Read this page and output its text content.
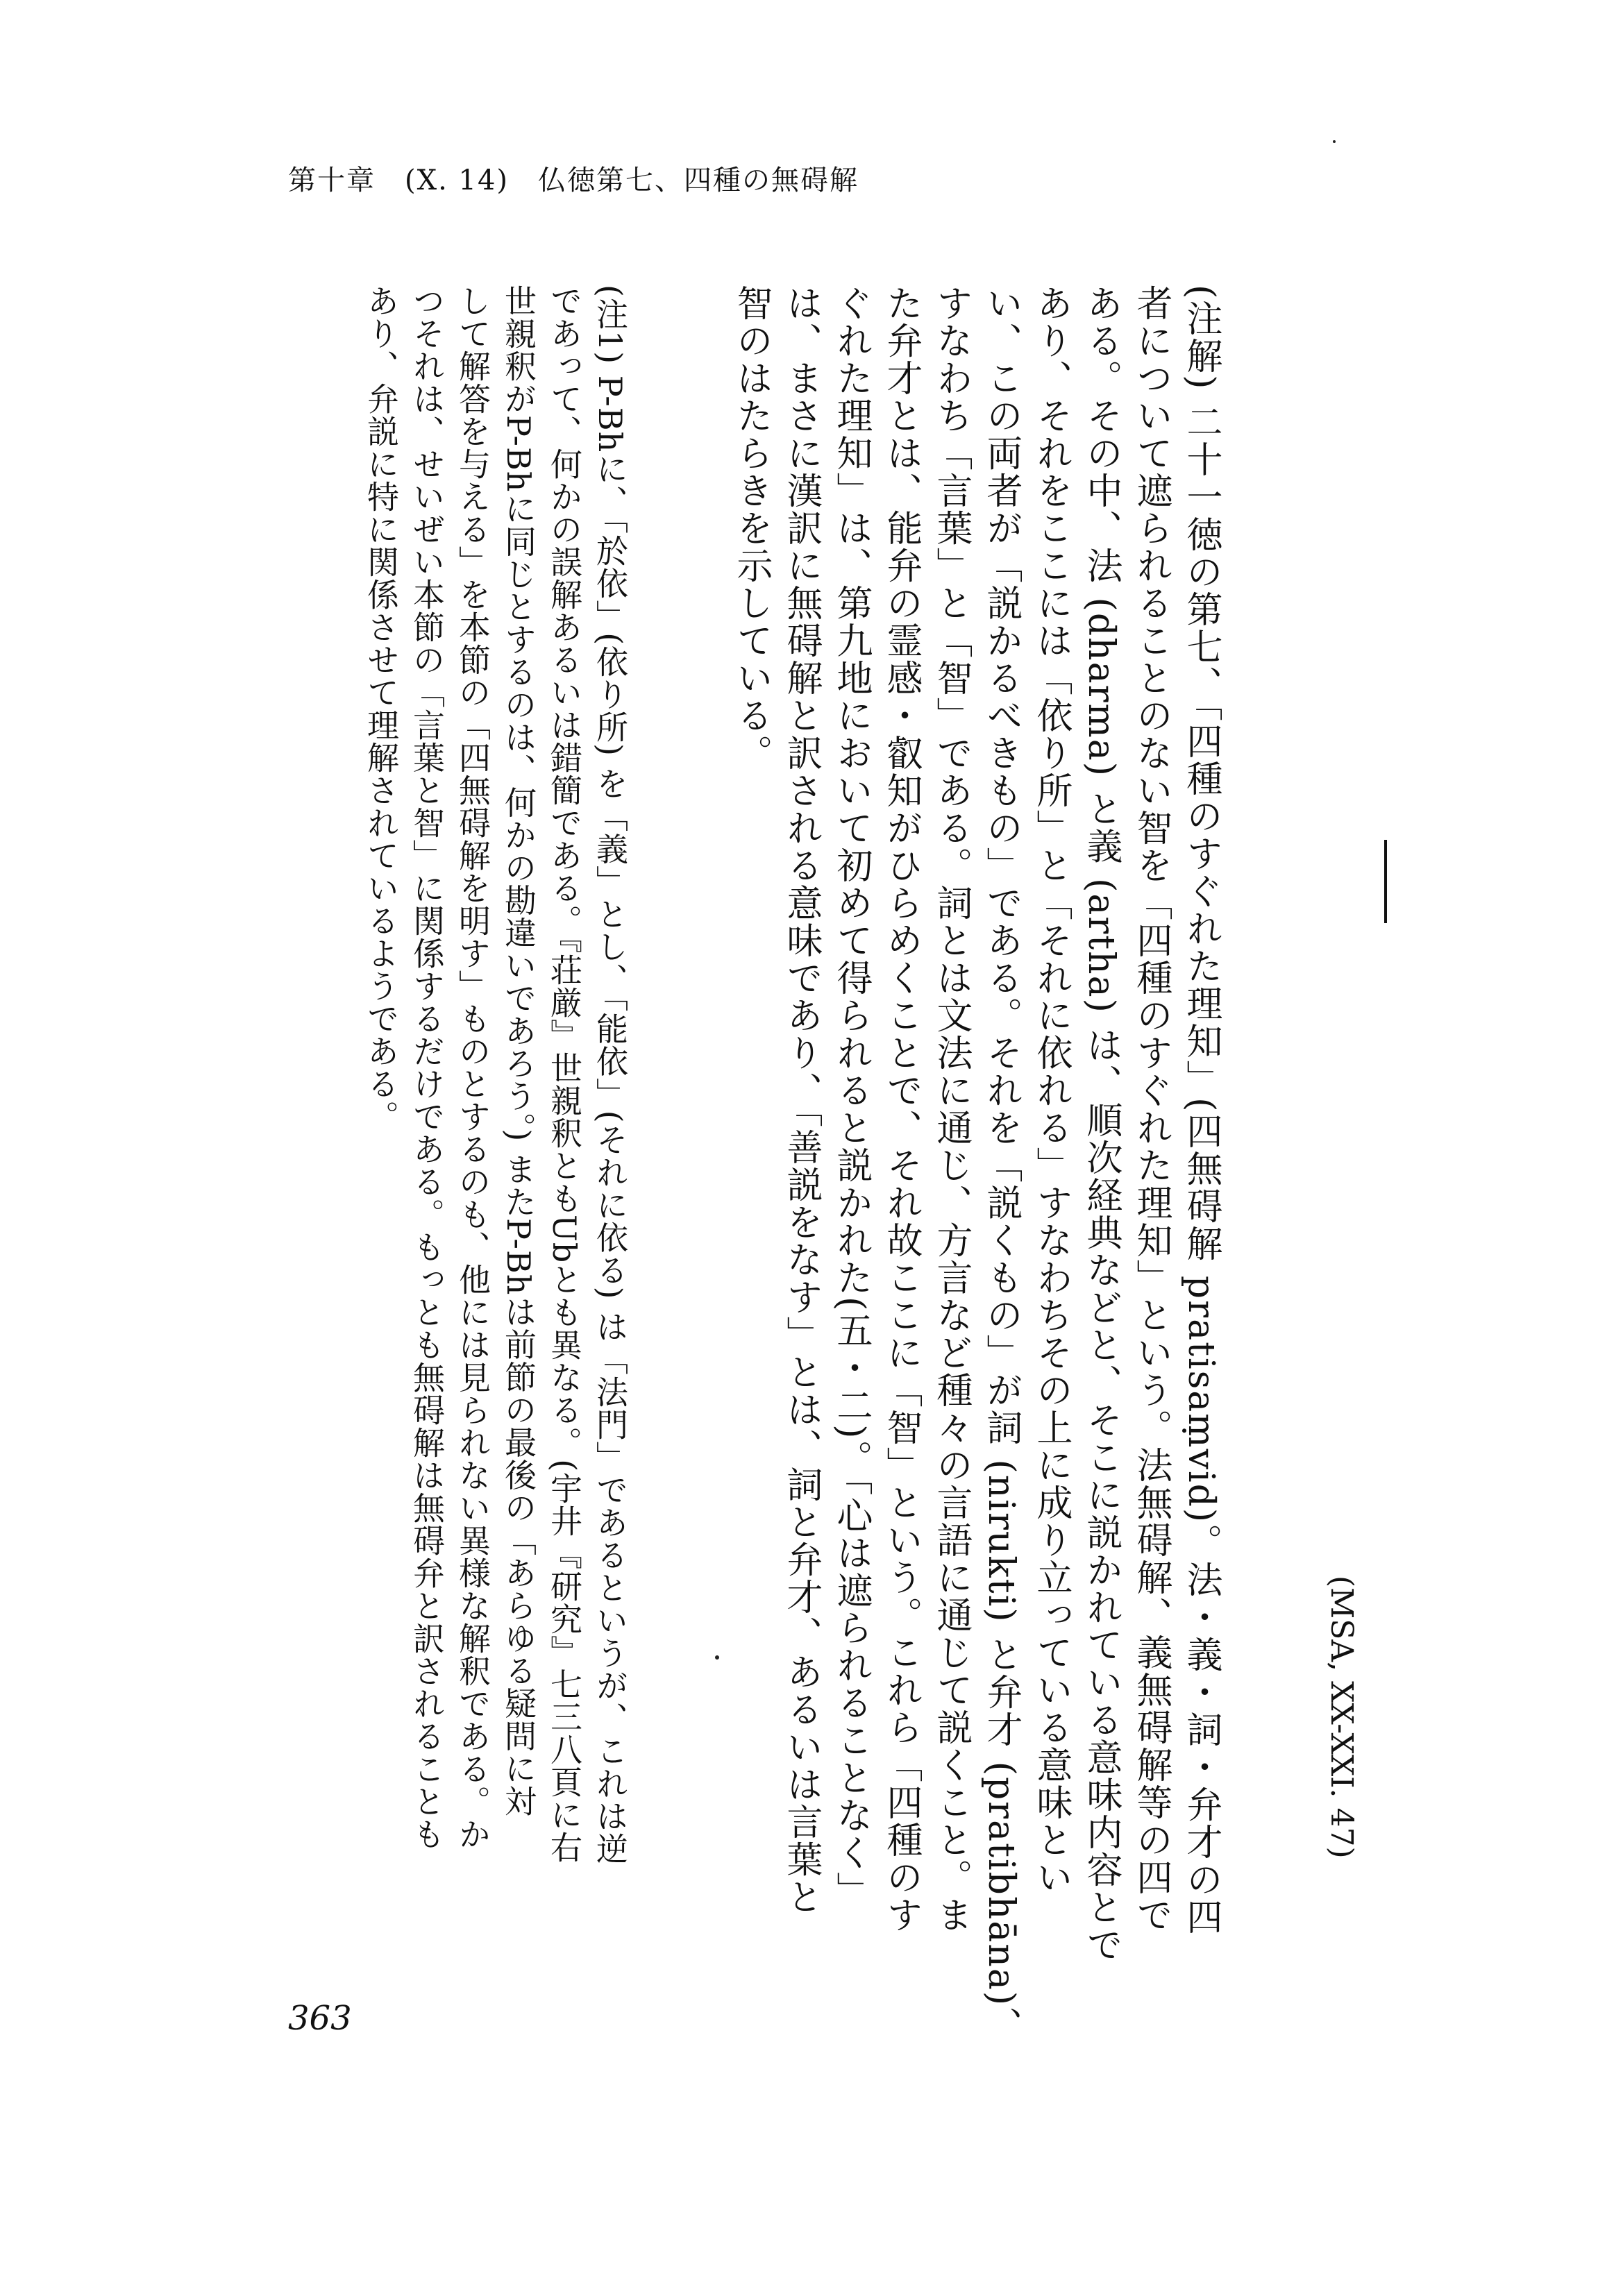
第十章　(X. 14)　仏徳第七、四種の無碍解
(MSA, XX-XXI. 47)
(注解) 二十一徳の第七、「四種のすぐれた理知」(四無碍解 pratisaṃvid)。法・義・詞・弁才の四
者について遮られることのない智を「四種のすぐれた理知」という。法無碍解、義無碍解等の四で
ある。その中、法 (dharma) と義 (artha) は、順次経典などと、そこに説かれている意味内容とで
あり、それをここには「依り所」と「それに依れる」すなわちその上に成り立っている意味とい
い、この両者が「説かるべきもの」である。それを「説くもの」が詞 (nirukti) と弁才 (pratibhāna)、
すなわち「言葉」と「智」である。詞とは文法に通じ、方言など種々の言語に通じて説くこと。ま
た弁才とは、能弁の霊感・叡知がひらめくことで、それ故ここに「智」という。これら「四種のす
ぐれた理知」は、第九地において初めて得られると説かれた(五・二)。「心は遮られることなく」
は、まさに漢訳に無碍解と訳される意味であり、「善説をなす」とは、詞と弁才、あるいは言葉と
智のはたらきを示している。
(注1) P-Bhに、「於依」(依り所) を「義」とし、「能依」(それに依る) は「法門」であるというが、これは逆
であって、何かの誤解あるいは錯簡である。『荘厳』世親釈ともUbとも異なる。(宇井『研究』七三八頁に右
世親釈がP-Bhに同じとするのは、何かの勘違いであろう。) またP-Bhは前節の最後の「あらゆる疑問に対
して解答を与える」を本節の「四無碍解を明す」ものとするのも、他には見られない異様な解釈である。か
つそれは、せいぜい本節の「言葉と智」に関係するだけである。もっとも無碍解は無碍弁と訳されることも
あり、弁説に特に関係させて理解されているようである。
363
